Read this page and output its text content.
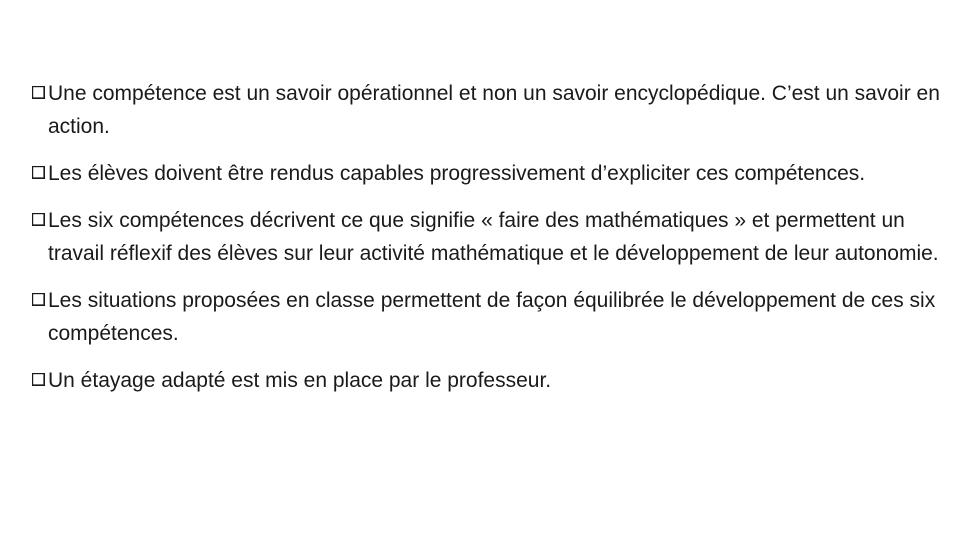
Une compétence est un savoir opérationnel et non un savoir encyclopédique. C’est un savoir en action.
Les élèves doivent être rendus capables progressivement d’expliciter ces compétences.
Les six compétences décrivent ce que signifie « faire des mathématiques » et permettent un travail réflexif des élèves sur leur activité mathématique et le développement de leur autonomie.
Les situations proposées en classe permettent de façon équilibrée le développement de ces six compétences.
Un étayage adapté est mis en place par le professeur.
